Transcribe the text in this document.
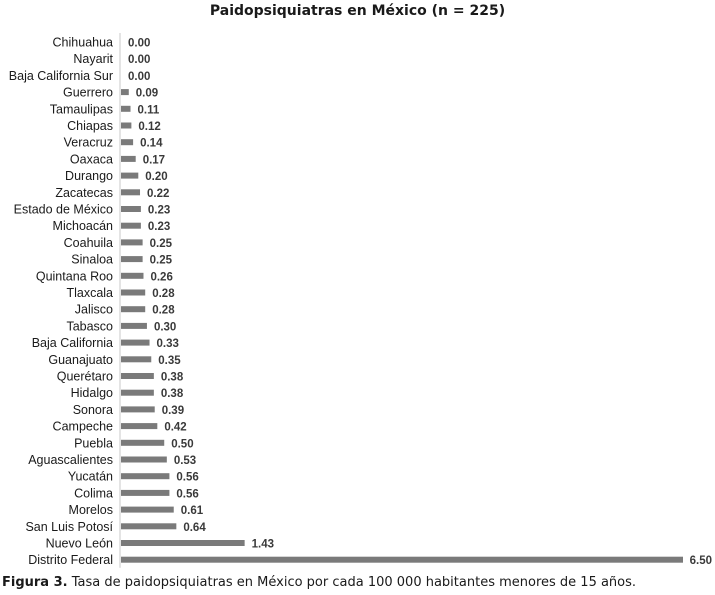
Paidopsiquiatras en México (n = 225)
Chihuahua 0.00
Nayarit 0.00
Baja California Sur 0.00
Guerrero 0.09
Tamaulipas 0.11
Chiapas 0.12
Veracruz 0.14
Oaxaca	0.17
Durango	0.20
Zacatecas	0.22
Estado de México	0.23
Michoacán	0.23
Coahuila	0.25
Sinaloa	0.25
Quintana Roo	0.26
Tlaxcala	0.28
Jalisco	0.28
Tabasco	0.30
Baja California	0.33
Guanajuato	0.35
Querétaro	0.38
Hidalgo	0.38
Sonora	0.39
Campeche	0.42
Puebla	0.50
Aguascalientes	0.53
Yucatán	0.56
Colima	0.56
Morelos	0.61
San Luis Potosí	0.64
Nuevo León	1.43
Distrito Federal	6.50
Figura 3. Tasa de paidopsiquiatras en México por cada 100 000 habitantes menores de 15 años.
